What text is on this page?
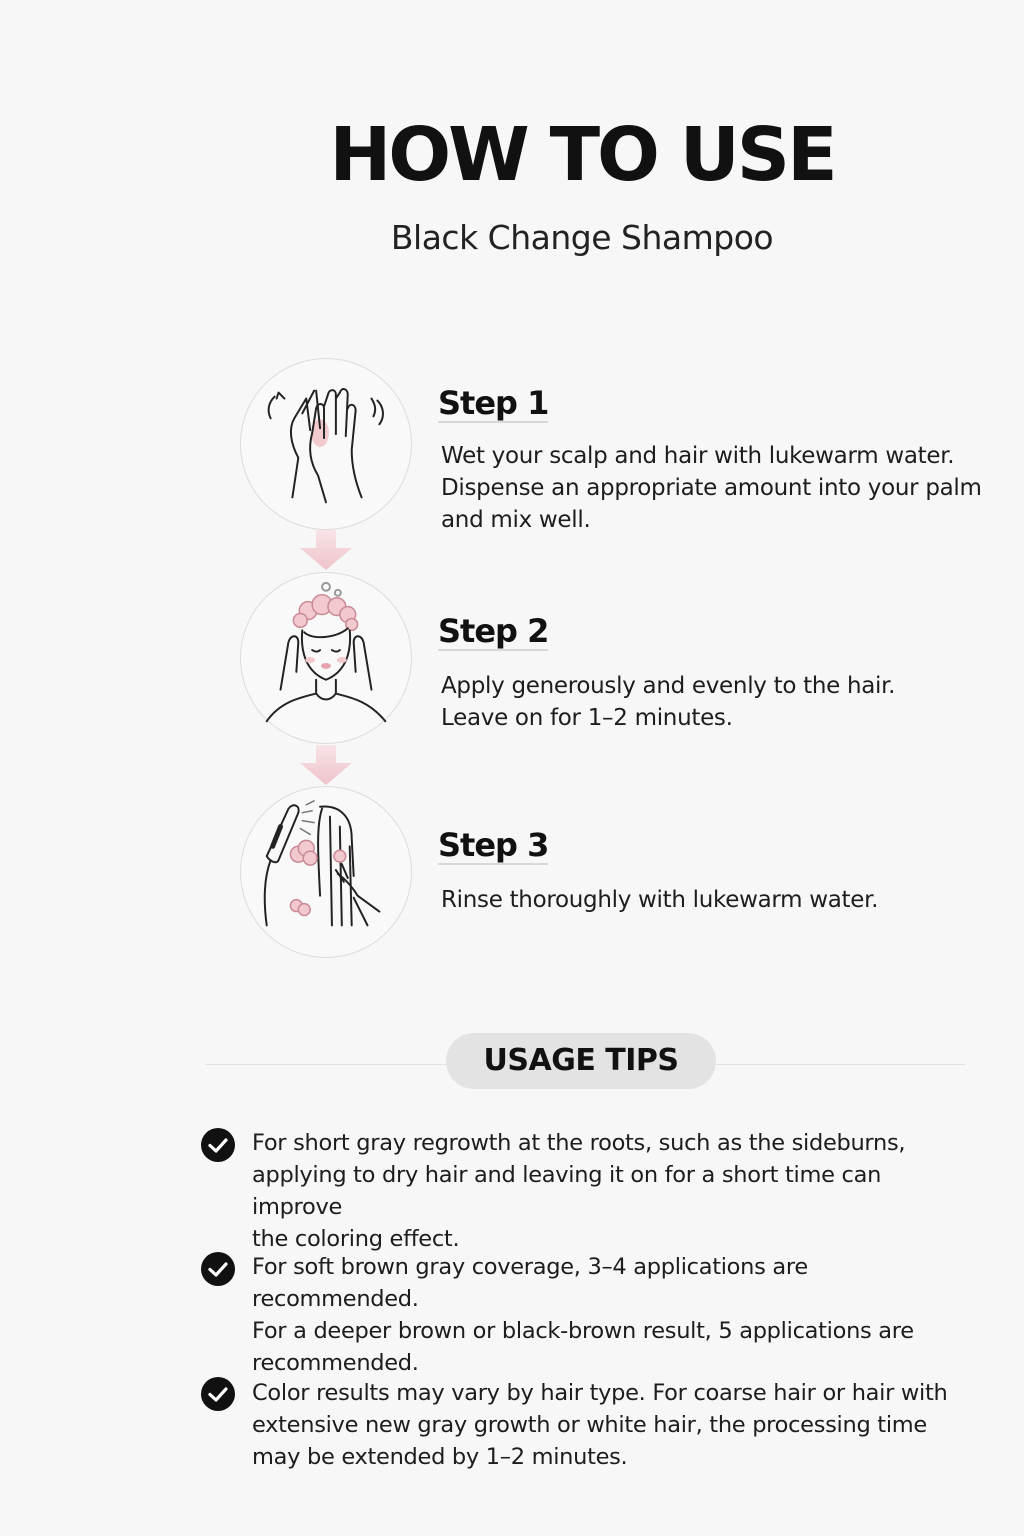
HOW TO USE
Black Change Shampoo
Step 1
Wet your scalp and hair with lukewarm water.
Dispense an appropriate amount into your palm
and mix well.
Step 2
Apply generously and evenly to the hair.
Leave on for 1–2 minutes.
Step 3
Rinse thoroughly with lukewarm water.
USAGE TIPS
For short gray regrowth at the roots, such as the sideburns,
applying to dry hair and leaving it on for a short time can improve
the coloring effect.
For soft brown gray coverage, 3–4 applications are recommended.
For a deeper brown or black-brown result, 5 applications are
recommended.
Color results may vary by hair type. For coarse hair or hair with
extensive new gray growth or white hair, the processing time
may be extended by 1–2 minutes.
